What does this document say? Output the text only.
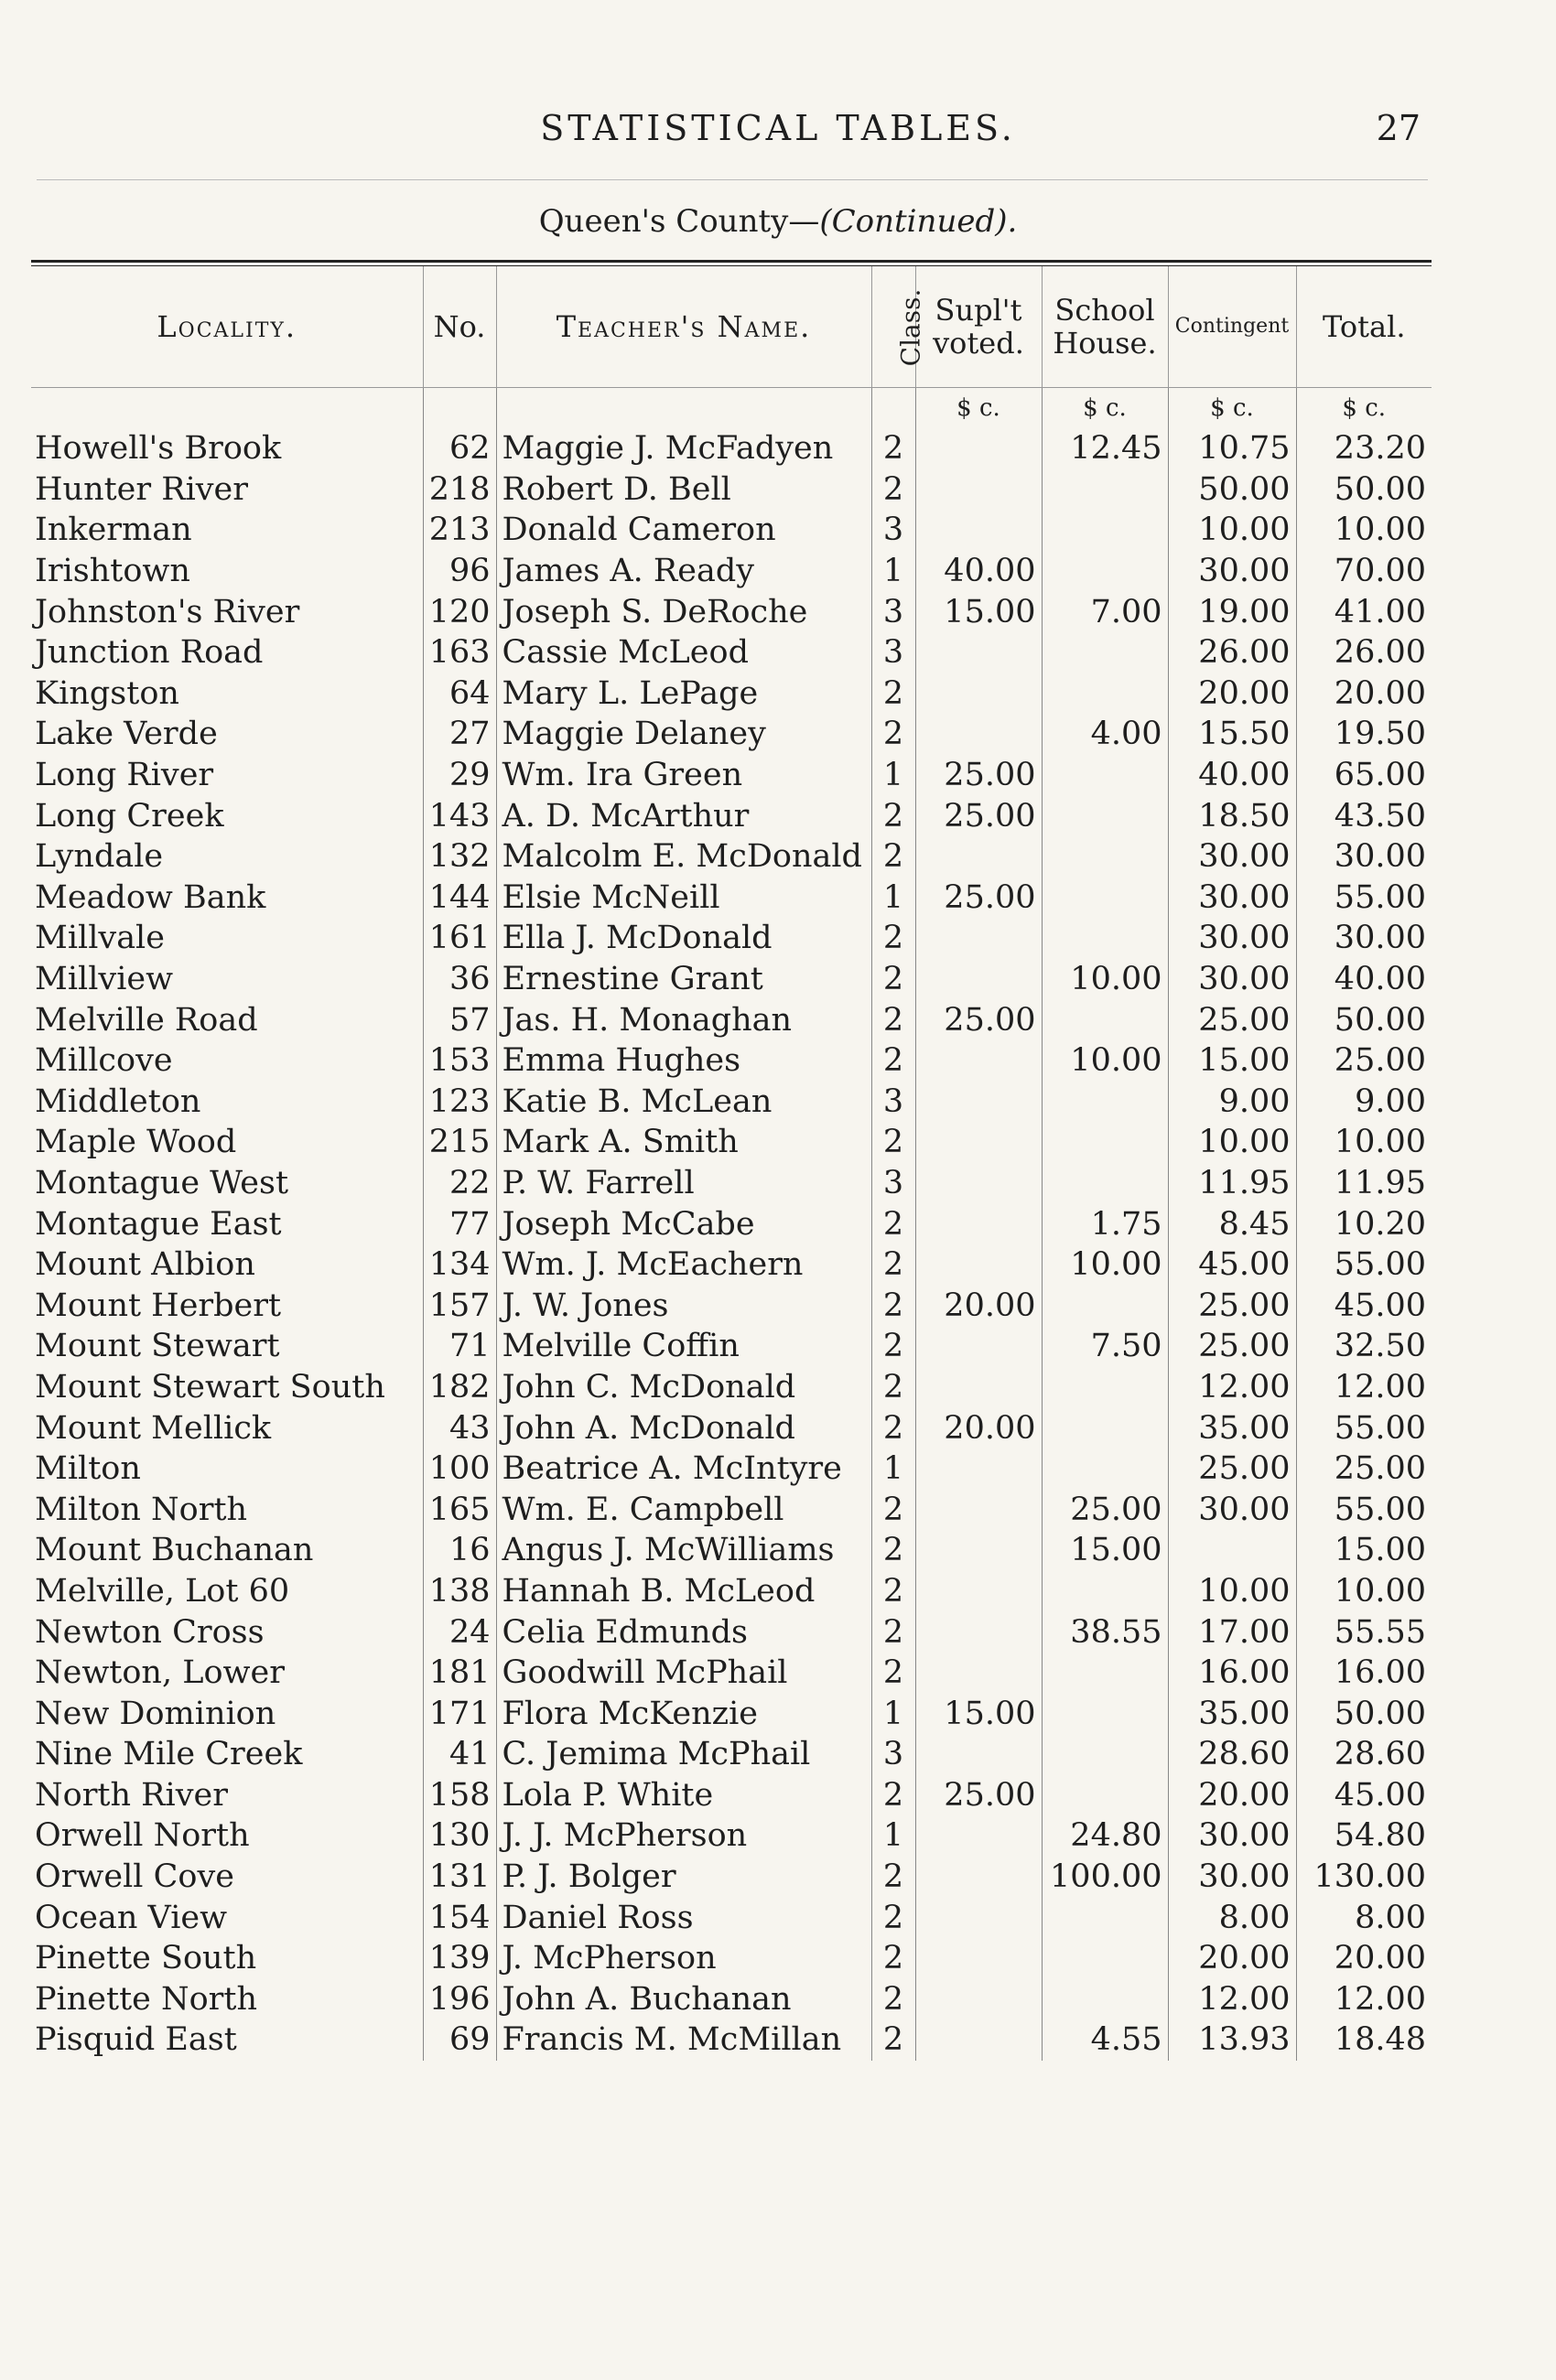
STATISTICAL TABLES.	27
Queen's County—(Continued).
Locality.	No.	Teacher's Name.	Class.	Supl't voted.	School House.	Contingent	Total.
				$ c.	$ c.	$ c.	$ c.
Howell's Brook	62	Maggie J. McFadyen	2		12.45	10.75	23.20
Hunter River	218	Robert D. Bell	2			50.00	50.00
Inkerman	213	Donald Cameron	3			10.00	10.00
Irishtown	96	James A. Ready	1	40.00		30.00	70.00
Johnston's River	120	Joseph S. DeRoche	3	15.00	7.00	19.00	41.00
Junction Road	163	Cassie McLeod	3			26.00	26.00
Kingston	64	Mary L. LePage	2			20.00	20.00
Lake Verde	27	Maggie Delaney	2		4.00	15.50	19.50
Long River	29	Wm. Ira Green	1	25.00		40.00	65.00
Long Creek	143	A. D. McArthur	2	25.00		18.50	43.50
Lyndale	132	Malcolm E. McDonald	2			30.00	30.00
Meadow Bank	144	Elsie McNeill	1	25.00		30.00	55.00
Millvale	161	Ella J. McDonald	2			30.00	30.00
Millview	36	Ernestine Grant	2		10.00	30.00	40.00
Melville Road	57	Jas. H. Monaghan	2	25.00		25.00	50.00
Millcove	153	Emma Hughes	2		10.00	15.00	25.00
Middleton	123	Katie B. McLean	3			9.00	9.00
Maple Wood	215	Mark A. Smith	2			10.00	10.00
Montague West	22	P. W. Farrell	3			11.95	11.95
Montague East	77	Joseph McCabe	2		1.75	8.45	10.20
Mount Albion	134	Wm. J. McEachern	2		10.00	45.00	55.00
Mount Herbert	157	J. W. Jones	2	20.00		25.00	45.00
Mount Stewart	71	Melville Coffin	2		7.50	25.00	32.50
Mount Stewart South	182	John C. McDonald	2			12.00	12.00
Mount Mellick	43	John A. McDonald	2	20.00		35.00	55.00
Milton	100	Beatrice A. McIntyre	1			25.00	25.00
Milton North	165	Wm. E. Campbell	2		25.00	30.00	55.00
Mount Buchanan	16	Angus J. McWilliams	2		15.00		15.00
Melville, Lot 60	138	Hannah B. McLeod	2			10.00	10.00
Newton Cross	24	Celia Edmunds	2		38.55	17.00	55.55
Newton, Lower	181	Goodwill McPhail	2			16.00	16.00
New Dominion	171	Flora McKenzie	1	15.00		35.00	50.00
Nine Mile Creek	41	C. Jemima McPhail	3			28.60	28.60
North River	158	Lola P. White	2	25.00		20.00	45.00
Orwell North	130	J. J. McPherson	1		24.80	30.00	54.80
Orwell Cove	131	P. J. Bolger	2		100.00	30.00	130.00
Ocean View	154	Daniel Ross	2			8.00	8.00
Pinette South	139	J. McPherson	2			20.00	20.00
Pinette North	196	John A. Buchanan	2			12.00	12.00
Pisquid East	69	Francis M. McMillan	2		4.55	13.93	18.48
